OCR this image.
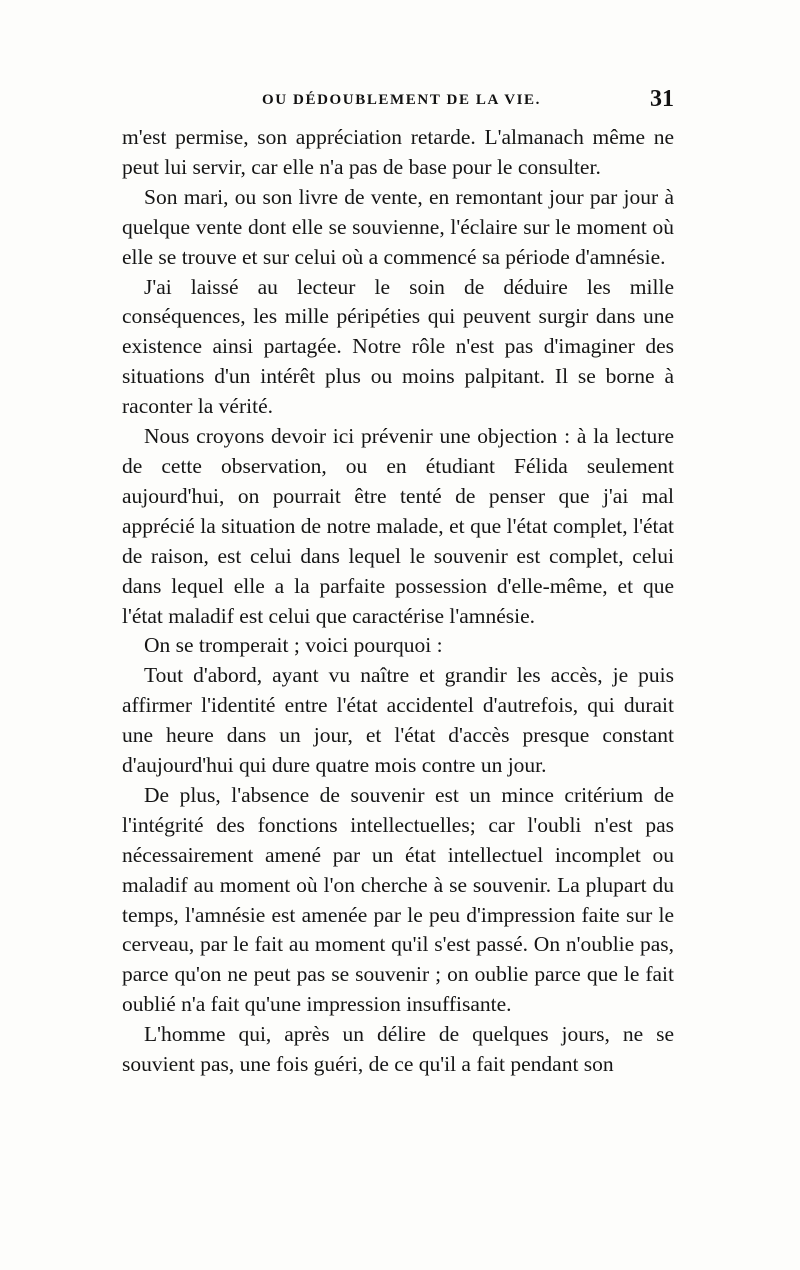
OU DÉDOUBLEMENT DE LA VIE.	31

m'est permise, son appréciation retarde. L'almanach même ne peut lui servir, car elle n'a pas de base pour le consulter.

Son mari, ou son livre de vente, en remontant jour par jour à quelque vente dont elle se souvienne, l'éclaire sur le moment où elle se trouve et sur celui où a commencé sa période d'amnésie.

J'ai laissé au lecteur le soin de déduire les mille conséquences, les mille péripéties qui peuvent surgir dans une existence ainsi partagée. Notre rôle n'est pas d'imaginer des situations d'un intérêt plus ou moins palpitant. Il se borne à raconter la vérité.

Nous croyons devoir ici prévenir une objection : à la lecture de cette observation, ou en étudiant Félida seulement aujourd'hui, on pourrait être tenté de penser que j'ai mal apprécié la situation de notre malade, et que l'état complet, l'état de raison, est celui dans lequel le souvenir est complet, celui dans lequel elle a la parfaite possession d'elle-même, et que l'état maladif est celui que caractérise l'amnésie.

On se tromperait ; voici pourquoi :

Tout d'abord, ayant vu naître et grandir les accès, je puis affirmer l'identité entre l'état accidentel d'autrefois, qui durait une heure dans un jour, et l'état d'accès presque constant d'aujourd'hui qui dure quatre mois contre un jour.

De plus, l'absence de souvenir est un mince critérium de l'intégrité des fonctions intellectuelles; car l'oubli n'est pas nécessairement amené par un état intellectuel incomplet ou maladif au moment où l'on cherche à se souvenir. La plupart du temps, l'amnésie est amenée par le peu d'impression faite sur le cerveau, par le fait au moment qu'il s'est passé. On n'oublie pas, parce qu'on ne peut pas se souvenir ; on oublie parce que le fait oublié n'a fait qu'une impression insuffisante.

L'homme qui, après un délire de quelques jours, ne se souvient pas, une fois guéri, de ce qu'il a fait pendant son
